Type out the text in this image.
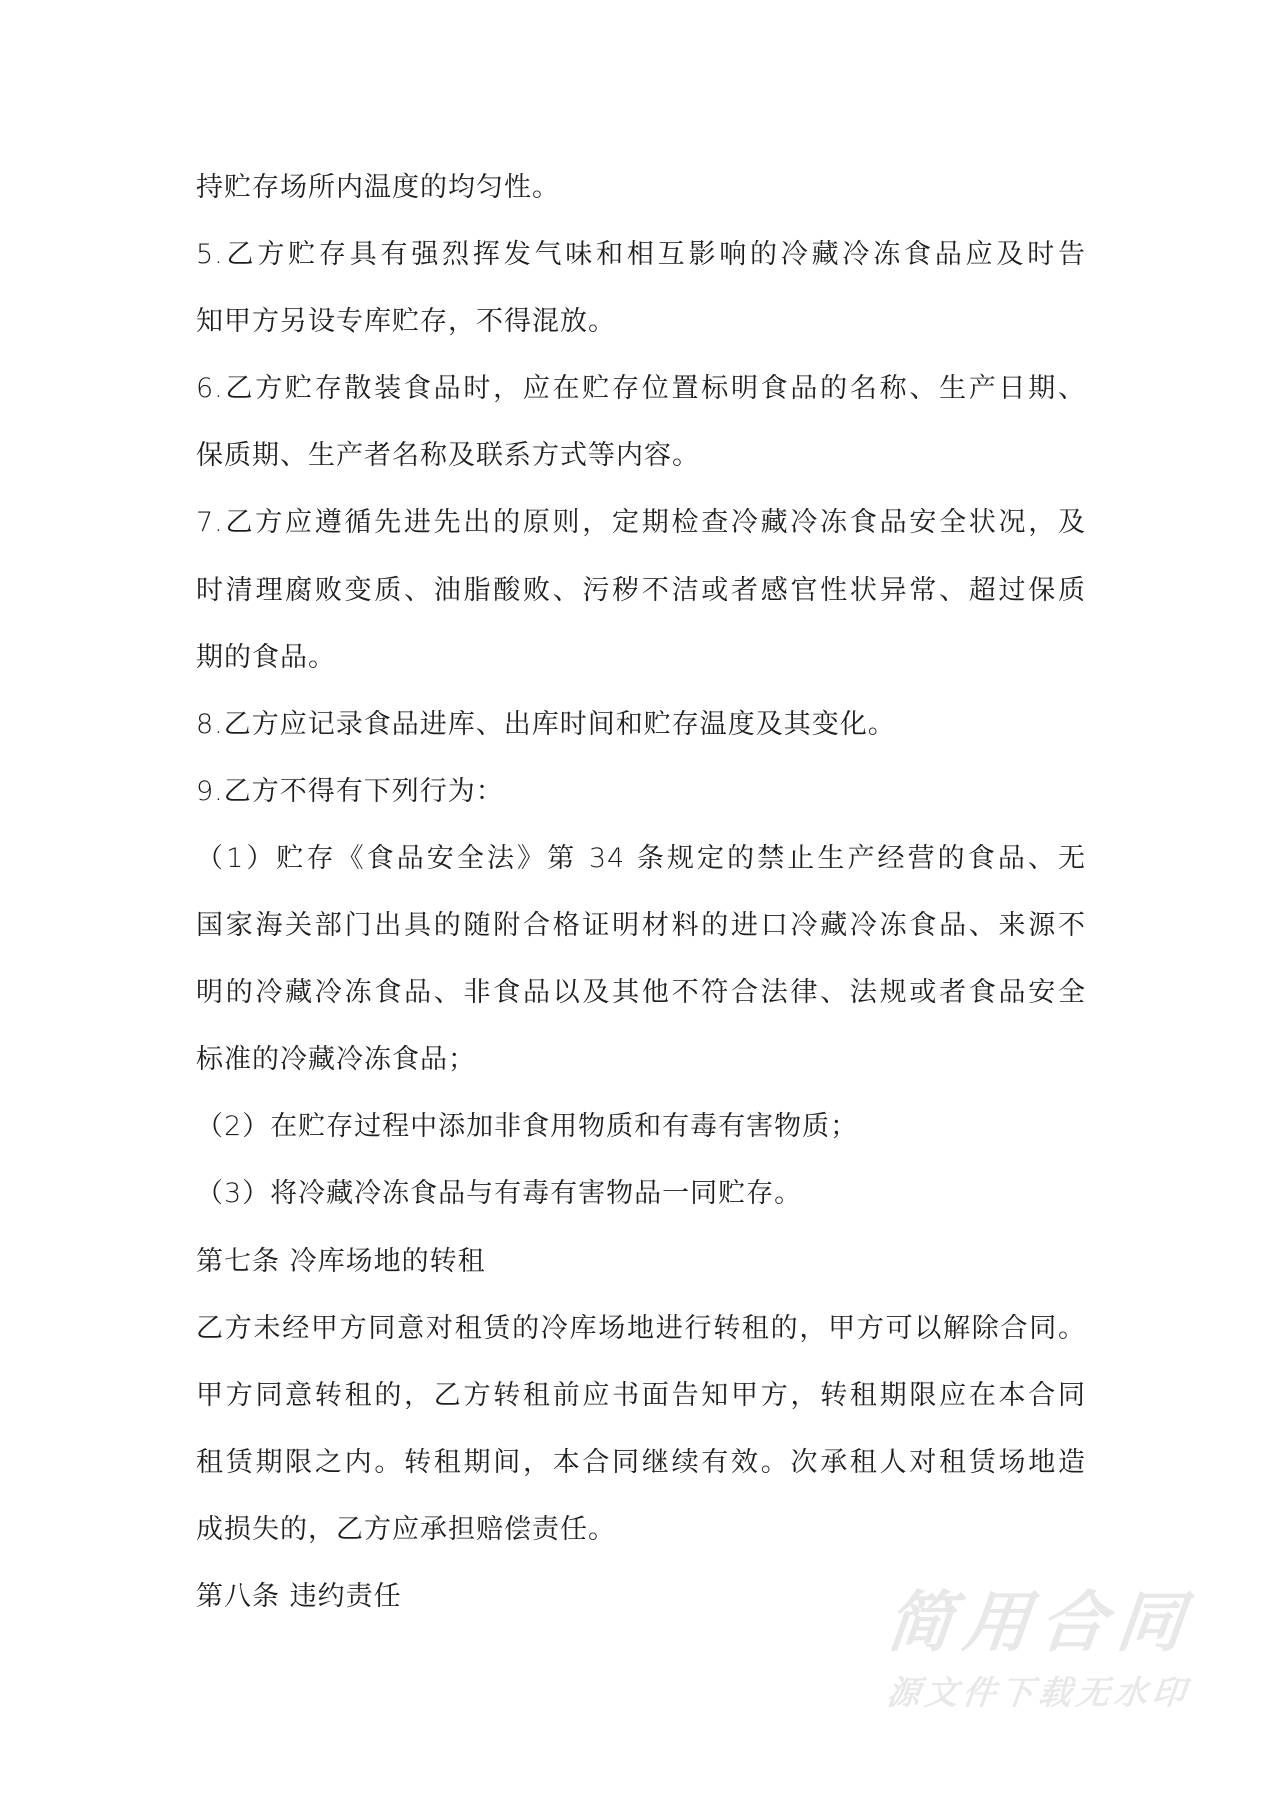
持贮存场所内温度的均匀性。
5.乙方贮存具有强烈挥发气味和相互影响的冷藏冷冻食品应及时告
知甲方另设专库贮存，不得混放。
6.乙方贮存散装食品时，应在贮存位置标明食品的名称、生产日期、
保质期、生产者名称及联系方式等内容。
7.乙方应遵循先进先出的原则，定期检查冷藏冷冻食品安全状况，及
时清理腐败变质、油脂酸败、污秽不洁或者感官性状异常、超过保质
期的食品。
8.乙方应记录食品进库、出库时间和贮存温度及其变化。
9.乙方不得有下列行为：
（1）贮存《食品安全法》第 34 条规定的禁止生产经营的食品、无
国家海关部门出具的随附合格证明材料的进口冷藏冷冻食品、来源不
明的冷藏冷冻食品、非食品以及其他不符合法律、法规或者食品安全
标准的冷藏冷冻食品；
（2）在贮存过程中添加非食用物质和有毒有害物质；
（3）将冷藏冷冻食品与有毒有害物品一同贮存。
第七条 冷库场地的转租
乙方未经甲方同意对租赁的冷库场地进行转租的，甲方可以解除合同。
甲方同意转租的，乙方转租前应书面告知甲方，转租期限应在本合同
租赁期限之内。转租期间，本合同继续有效。次承租人对租赁场地造
成损失的，乙方应承担赔偿责任。
第八条 违约责任	简用合同
源文件下载无水印
